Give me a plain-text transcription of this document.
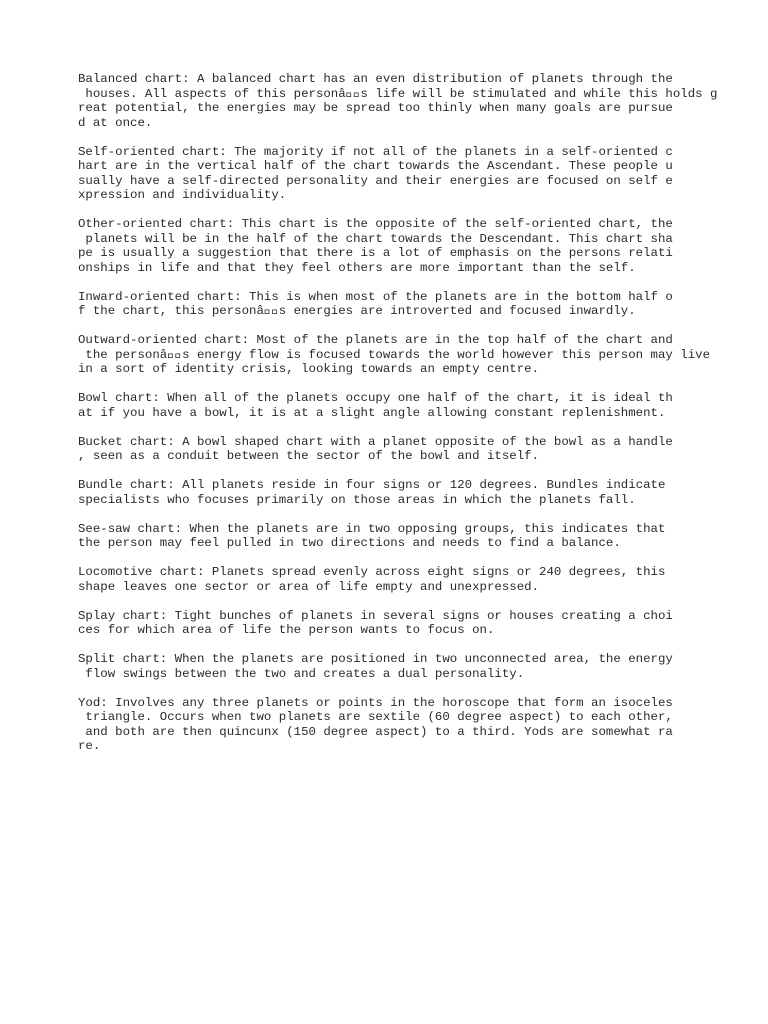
Balanced chart: A balanced chart has an even distribution of planets through the
houses. All aspects of this personâ  s life will be stimulated and while this holds g
reat potential, the energies may be spread too thinly when many goals are pursue
d at once.
Self-oriented chart: The majority if not all of the planets in a self-oriented c
hart are in the vertical half of the chart towards the Ascendant. These people u
sually have a self-directed personality and their energies are focused on self e
xpression and individuality.
Other-oriented chart: This chart is the opposite of the self-oriented chart, the
planets will be in the half of the chart towards the Descendant. This chart sha
pe is usually a suggestion that there is a lot of emphasis on the persons relati
onships in life and that they feel others are more important than the self.
Inward-oriented chart: This is when most of the planets are in the bottom half o
f the chart, this personâ  s energies are introverted and focused inwardly.
Outward-oriented chart: Most of the planets are in the top half of the chart and
the personâ  s energy flow is focused towards the world however this person may live
in a sort of identity crisis, looking towards an empty centre.
Bowl chart: When all of the planets occupy one half of the chart, it is ideal th
at if you have a bowl, it is at a slight angle allowing constant replenishment.
Bucket chart: A bowl shaped chart with a planet opposite of the bowl as a handle
, seen as a conduit between the sector of the bowl and itself.
Bundle chart: All planets reside in four signs or 120 degrees. Bundles indicate
specialists who focuses primarily on those areas in which the planets fall.
See-saw chart: When the planets are in two opposing groups, this indicates that
the person may feel pulled in two directions and needs to find a balance.
Locomotive chart: Planets spread evenly across eight signs or 240 degrees, this
shape leaves one sector or area of life empty and unexpressed.
Splay chart: Tight bunches of planets in several signs or houses creating a choi
ces for which area of life the person wants to focus on.
Split chart: When the planets are positioned in two unconnected area, the energy
flow swings between the two and creates a dual personality.
Yod: Involves any three planets or points in the horoscope that form an isoceles
triangle. Occurs when two planets are sextile (60 degree aspect) to each other,
and both are then quincunx (150 degree aspect) to a third. Yods are somewhat ra
re.
